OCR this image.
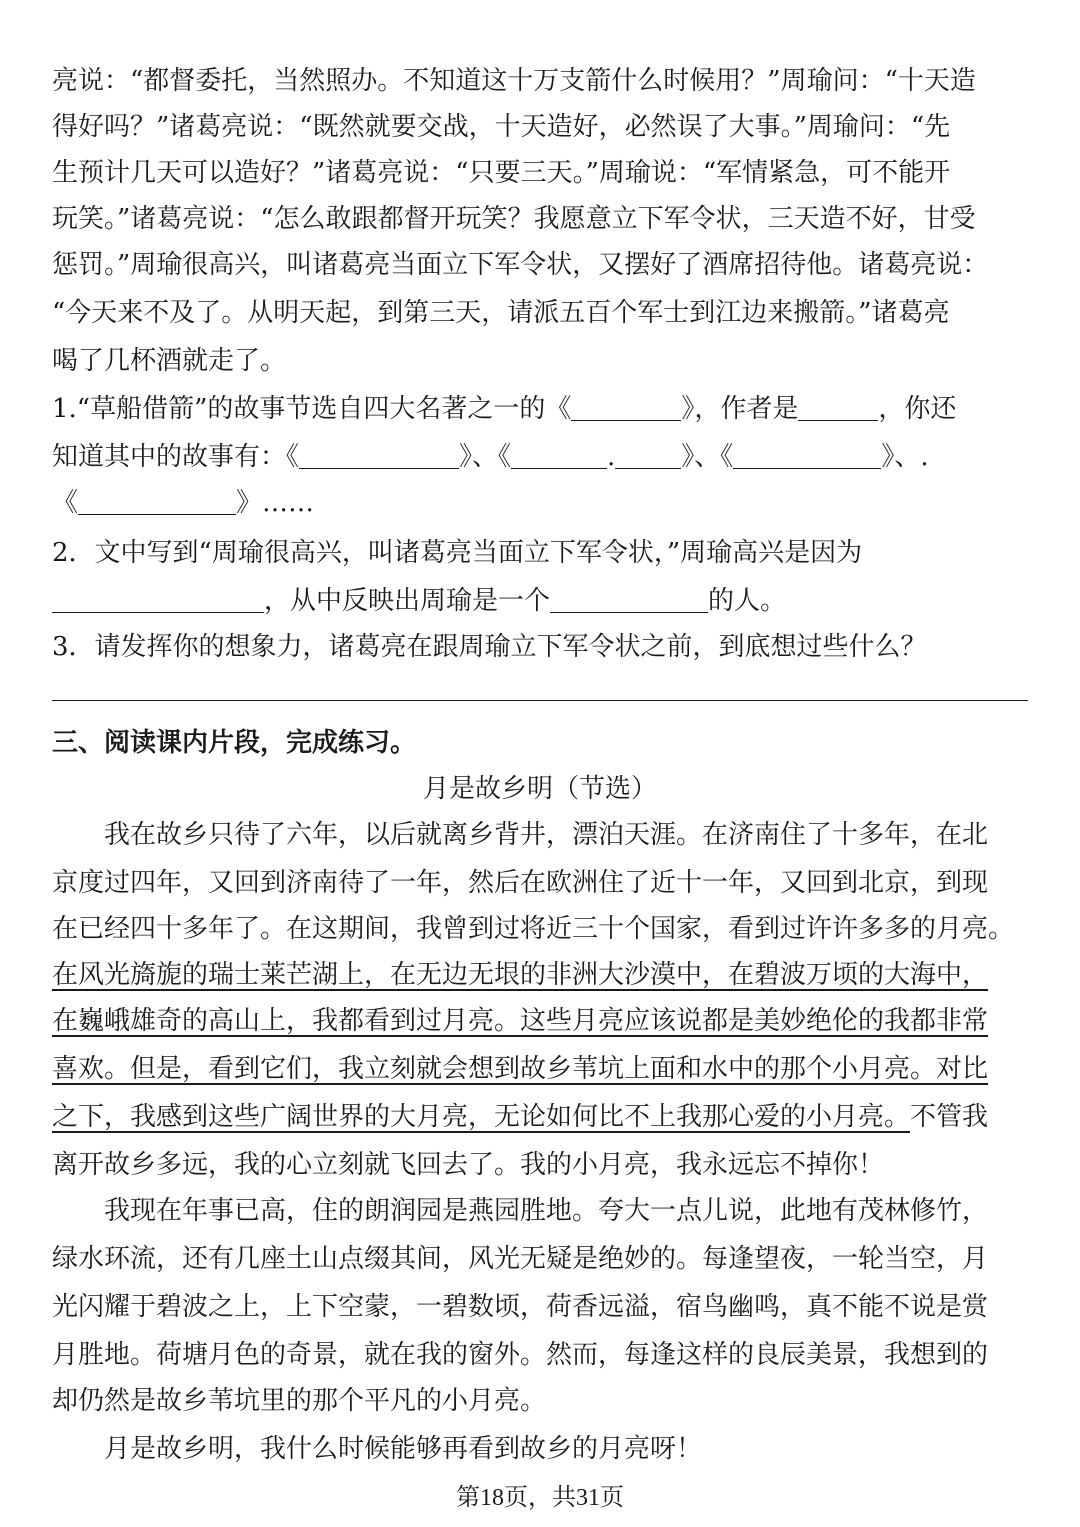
亮说：“都督委托，当然照办。不知道这十万支箭什么时候用？”周瑜问：“十天造
得好吗？”诸葛亮说：“既然就要交战，十天造好，必然误了大事。”周瑜问：“先
生预计几天可以造好？”诸葛亮说：“只要三天。”周瑜说：“军情紧急，可不能开
玩笑。”诸葛亮说：“怎么敢跟都督开玩笑？我愿意立下军令状，三天造不好，甘受
惩罚。”周瑜很高兴，叫诸葛亮当面立下军令状，又摆好了酒席招待他。诸葛亮说：
“今天来不及了。从明天起，到第三天，请派五百个军士到江边来搬箭。”诸葛亮
喝了几杯酒就走了。
1.“草船借箭”的故事节选自四大名著之一的《	》，作者是	，你还
知道其中的故事有：《	》、《	.	》、《	》、.
《	》……
2．文中写到“周瑜很高兴，叫诸葛亮当面立下军令状，”周瑜高兴是因为
，从中反映出周瑜是一个	的人。
3．请发挥你的想象力，诸葛亮在跟周瑜立下军令状之前，到底想过些什么？
三、阅读课内片段，完成练习。
月是故乡明（节选）
我在故乡只待了六年，以后就离乡背井，漂泊天涯。在济南住了十多年，在北
京度过四年，又回到济南待了一年，然后在欧洲住了近十一年，又回到北京，到现
在已经四十多年了。在这期间，我曾到过将近三十个国家，看到过许许多多的月亮。
在风光旖旎的瑞士莱芒湖上，在无边无垠的非洲大沙漠中，在碧波万顷的大海中，
在巍峨雄奇的高山上，我都看到过月亮。这些月亮应该说都是美妙绝伦的我都非常
喜欢。但是，看到它们，我立刻就会想到故乡苇坑上面和水中的那个小月亮。对比
之下，我感到这些广阔世界的大月亮，无论如何比不上我那心爱的小月亮。不管我
离开故乡多远，我的心立刻就飞回去了。我的小月亮，我永远忘不掉你！
我现在年事已高，住的朗润园是燕园胜地。夸大一点儿说，此地有茂林修竹，
绿水环流，还有几座土山点缀其间，风光无疑是绝妙的。每逢望夜，一轮当空，月
光闪耀于碧波之上，上下空蒙，一碧数顷，荷香远溢，宿鸟幽鸣，真不能不说是赏
月胜地。荷塘月色的奇景，就在我的窗外。然而，每逢这样的良辰美景，我想到的
却仍然是故乡苇坑里的那个平凡的小月亮。
月是故乡明，我什么时候能够再看到故乡的月亮呀！
第18页，共31页
